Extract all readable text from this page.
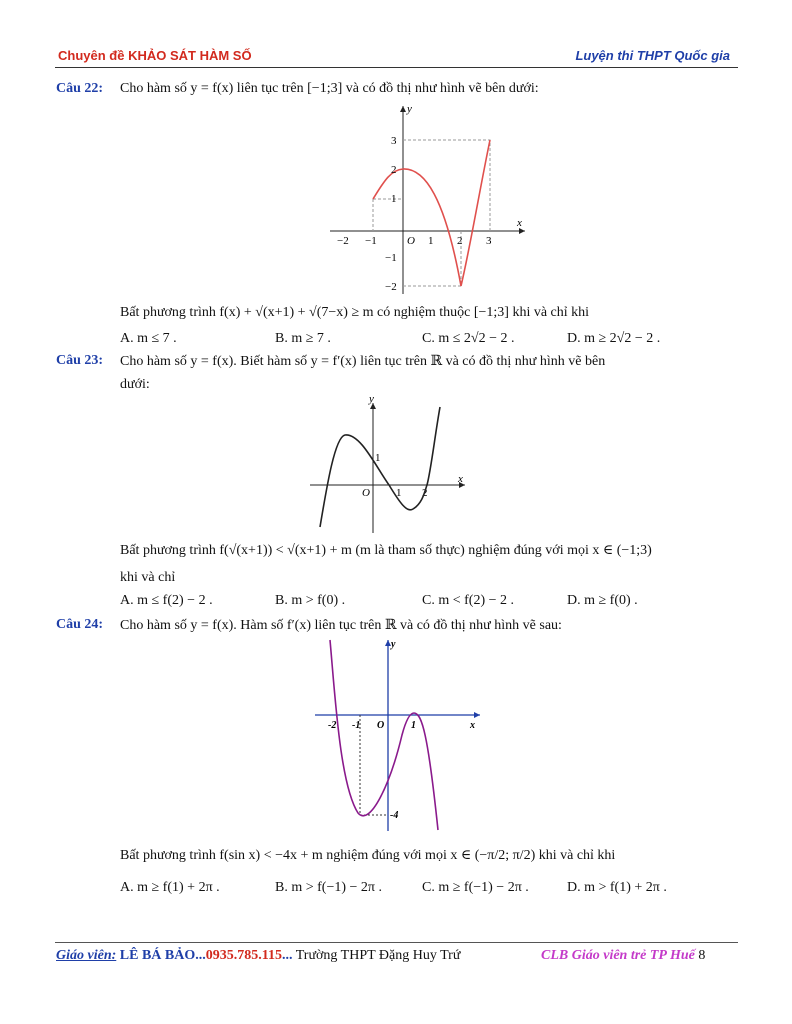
Chuyên đề KHẢO SÁT HÀM SỐ	Luyện thi THPT Quốc gia
Câu 22: Cho hàm số y = f(x) liên tục trên [−1;3] và có đồ thị như hình vẽ bên dưới:
x
y
O
−2 −1	1 2 3
3
2
1
−1
−2
Bất phương trình f(x) + √(x+1) + √(7−x) ≥ m có nghiệm thuộc [−1;3] khi và chỉ khi
A. m ≤ 7 .	B. m ≥ 7 .	C. m ≤ 2√2 − 2 .	D. m ≥ 2√2 − 2 .
Câu 23: Cho hàm số y = f(x). Biết hàm số y = f′(x) liên tục trên ℝ và có đồ thị như hình vẽ bên
dưới:
x
y
O 1 2
1
Bất phương trình f(√(x+1)) < √(x+1) + m (m là tham số thực) nghiệm đúng với mọi x ∈ (−1;3)
khi và chỉ
A. m ≤ f(2) − 2 .	B. m > f(0) .	C. m < f(2) − 2 .	D. m ≥ f(0) .
Câu 24: Cho hàm số y = f(x). Hàm số f′(x) liên tục trên ℝ và có đồ thị như hình vẽ sau:
x
y
O
-2 -1	1
-4
Bất phương trình f(sin x) < −4x + m nghiệm đúng với mọi x ∈ (−π/2; π/2) khi và chỉ khi
A. m ≥ f(1) + 2π .	B. m > f(−1) − 2π .	C. m ≥ f(−1) − 2π .	D. m > f(1) + 2π .
Giáo viên: LÊ BÁ BẢO...0935.785.115... Trường THPT Đặng Huy Trứ	CLB Giáo viên trẻ TP Huế 8
